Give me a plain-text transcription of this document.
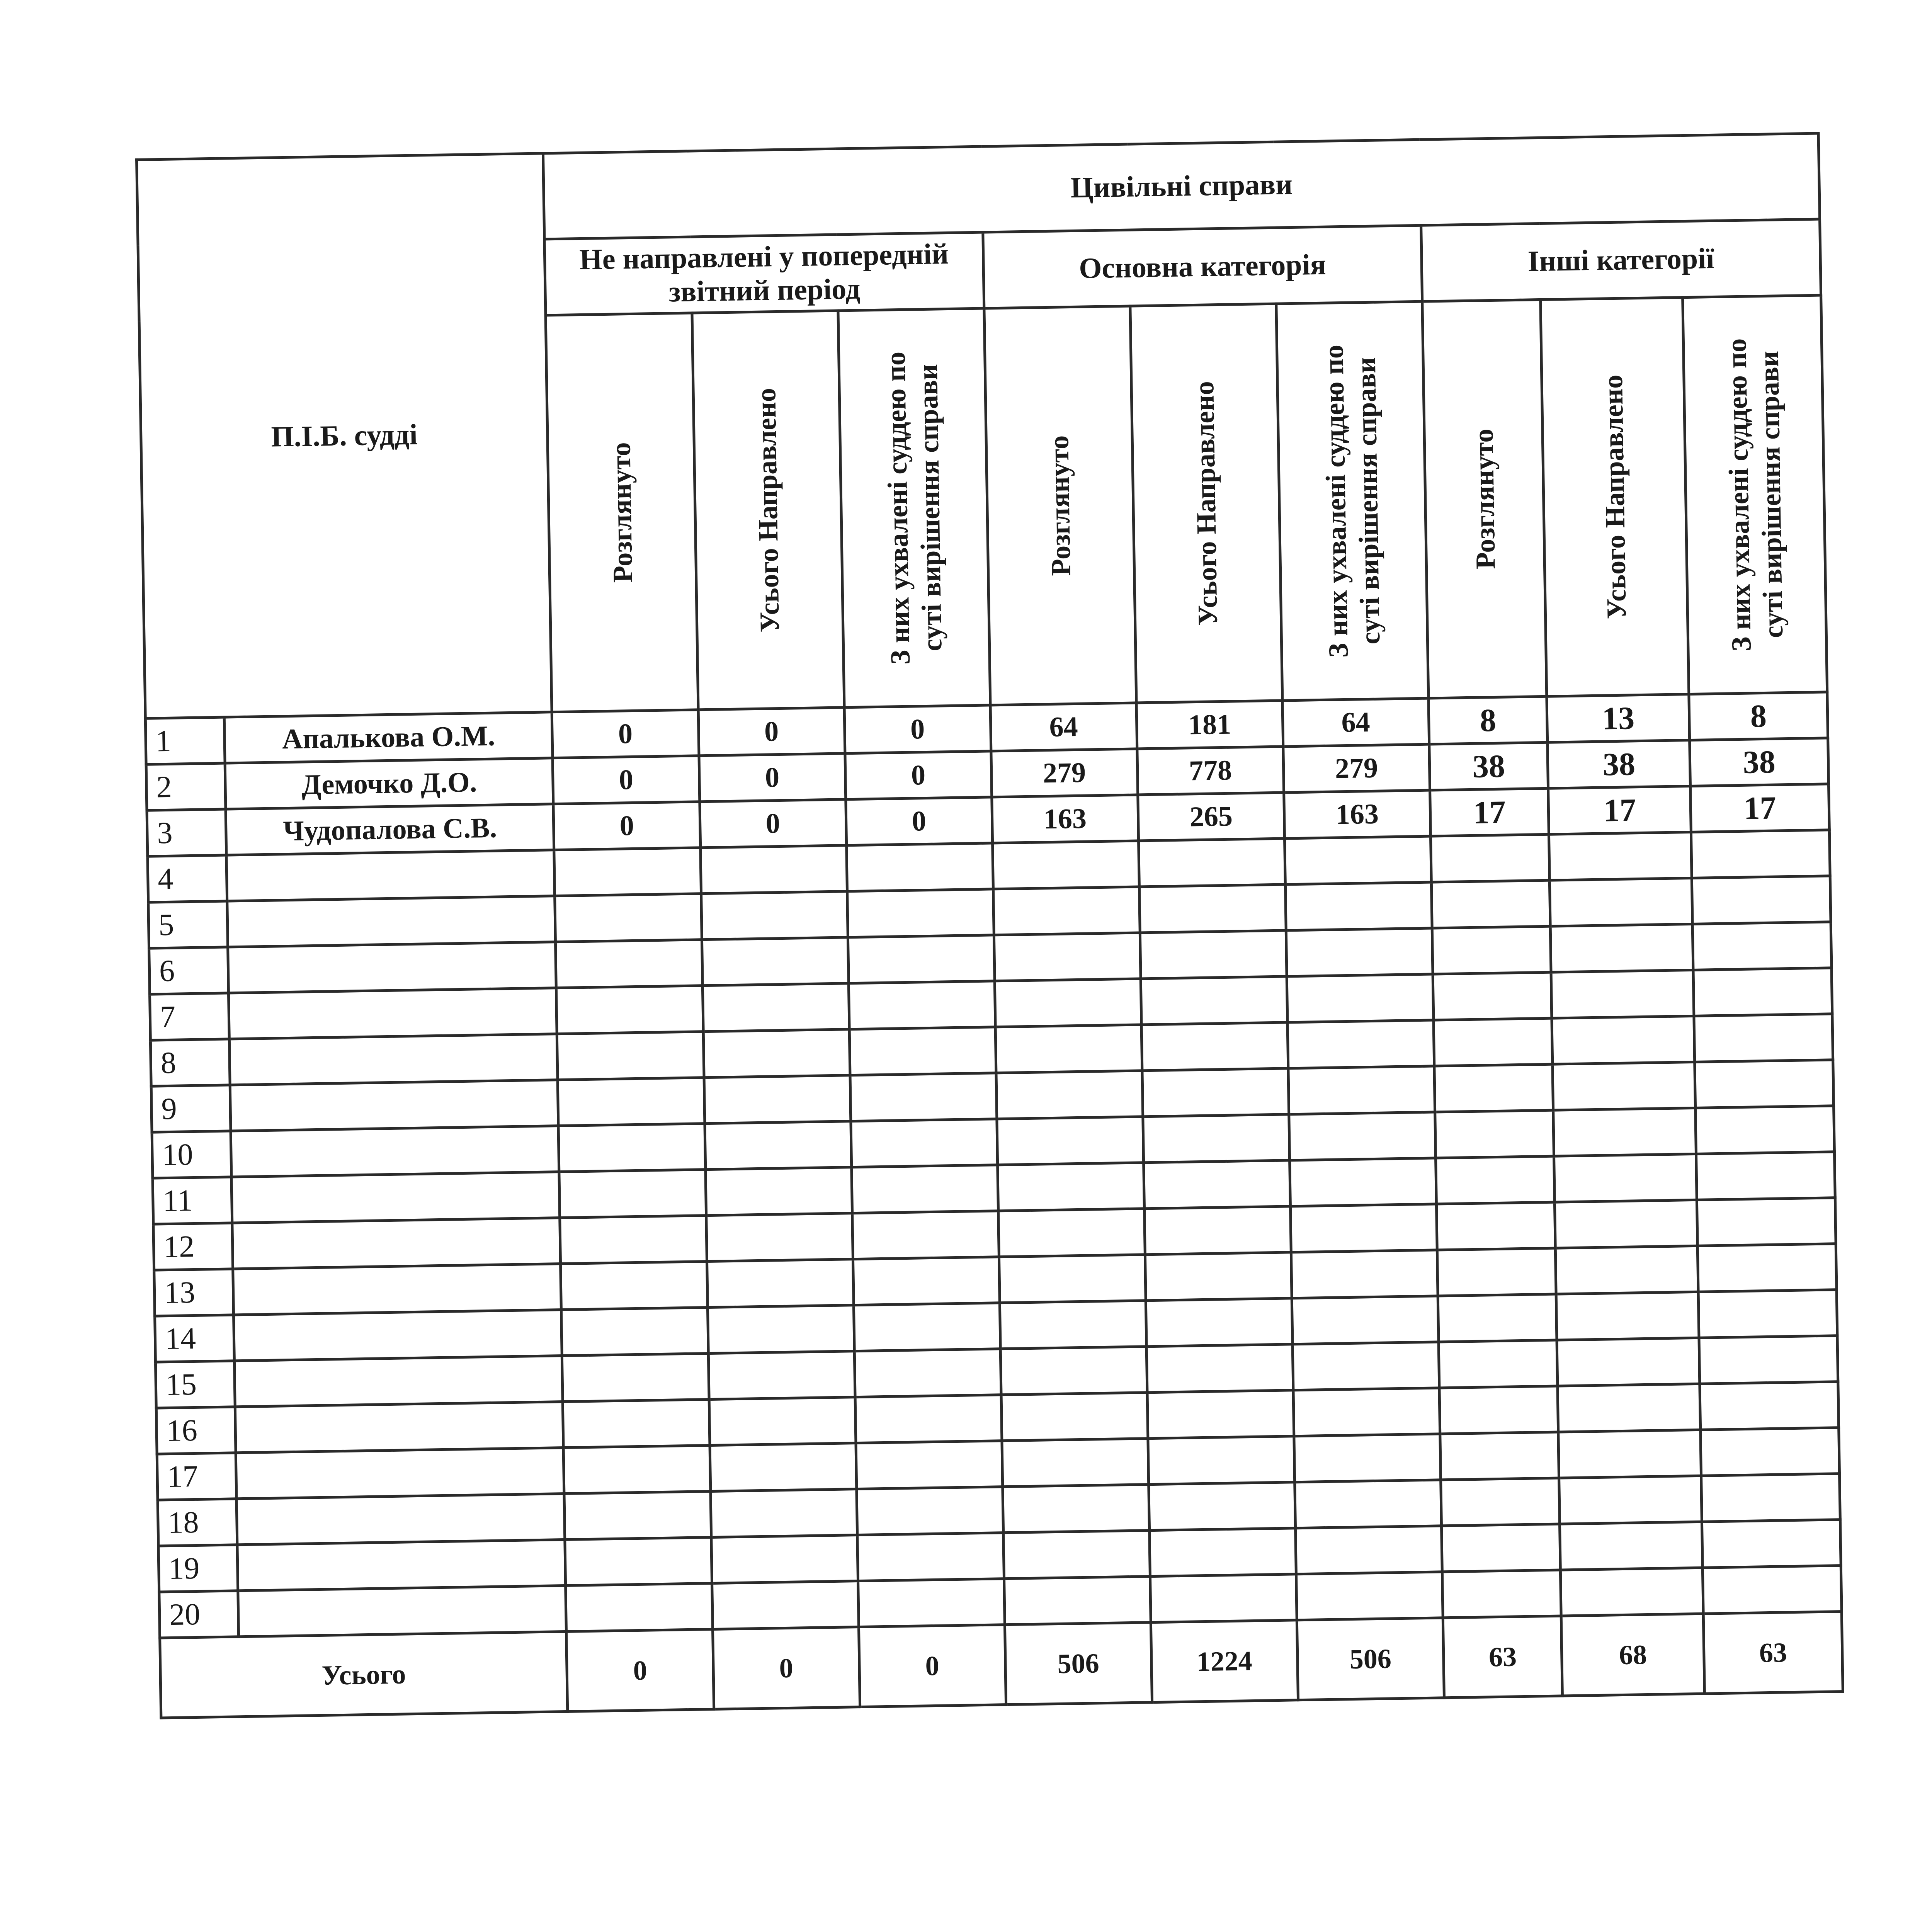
П.І.Б. судді		Цивільні справи								
		Не направлені у попередній звітний період			Основна категорія			Інші категорії		

		Розглянуто	Усього Направлено	З них ухвалені суддею по суті вирішення справи	Розглянуто	Усього Направлено	З них ухвалені суддею по суті вирішення справи	Розглянуто	Усього Направлено	З них ухвалені суддею по суті вирішення справи

1	Апалькова О.М.	0	0	0	64	181	64	8	13	8
2	Демочко Д.О.	0	0	0	279	778	279	38	38	38
3	Чудопалова С.В.	0	0	0	163	265	163	17	17	17
4										
5										
6										
7										
8										
9										
10										
11										
12										
13										
14										
15										
16										
17										
18										
19										
20										
Усього		0	0	0	506	1224	506	63	68	63
